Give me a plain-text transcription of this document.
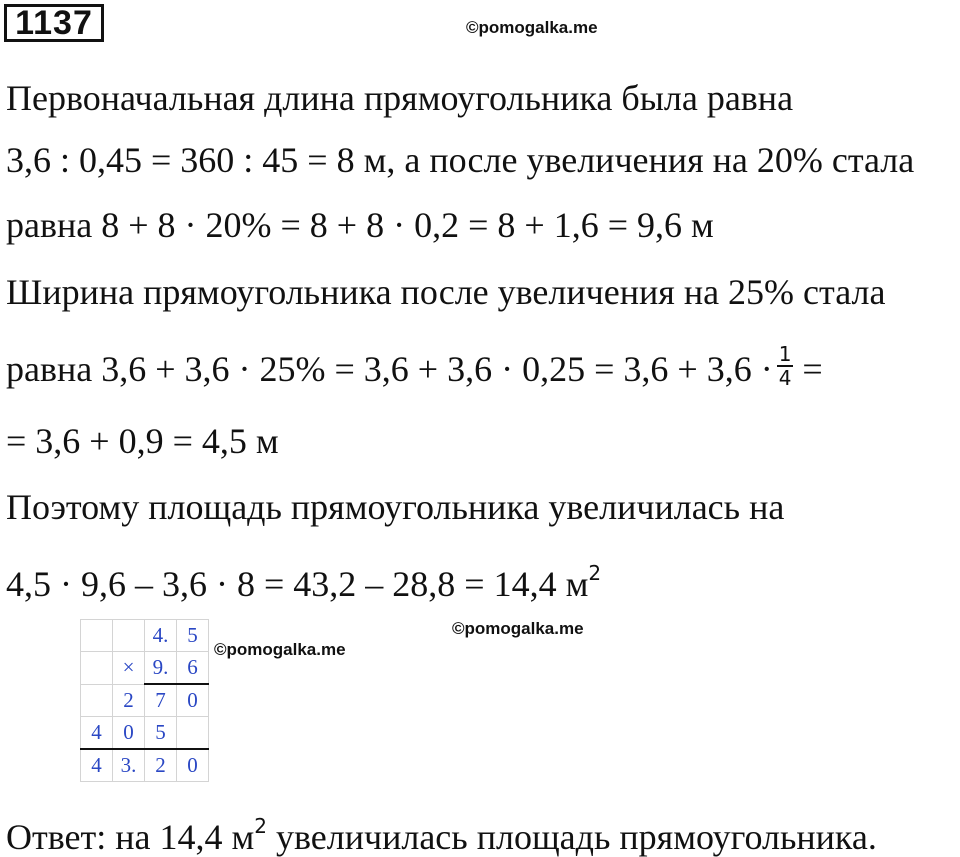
1137	©pomogalka.me
Первоначальная длина прямоугольника была равна
3,6 : 0,45 = 360 : 45 = 8 м, а после увеличения на 20% стала
равна 8 + 8 · 20% = 8 + 8 · 0,2 = 8 + 1,6 = 9,6 м
Ширина прямоугольника после увеличения на 25% стала
равна $3,6 + 3,6 \cdot 25\% = 3,6 + 3,6 \cdot 0,25 = 3,6 + 3,6 \cdot \frac{1}{4}$ =
= 3,6 + 0,9 = 4,5 м
Поэтому площадь прямоугольника увеличилась на
4,5 · 9,6 – 3,6 · 8 = 43,2 – 28,8 = 14,4 $м^2$
		4.	5
	×	9.	6
	2	7	0
4	0	5	
4	3.	2	0
©pomogalka.me
©pomogalka.me
Ответ: на 14,4 $м^2$ увеличилась площадь прямоугольника.
